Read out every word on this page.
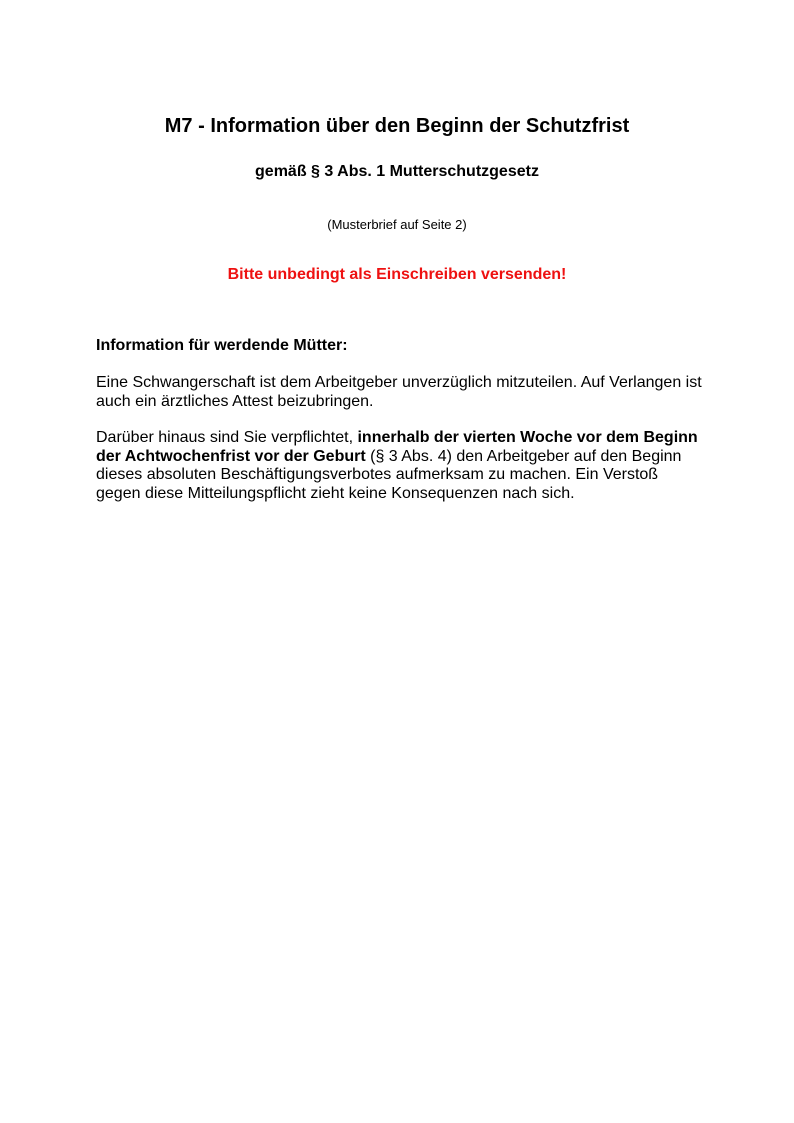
M7 - Information über den Beginn der Schutzfrist
gemäß § 3 Abs. 1 Mutterschutzgesetz

(Musterbrief auf Seite 2)

Bitte unbedingt als Einschreiben versenden!

Information für werdende Mütter:

Eine Schwangerschaft ist dem Arbeitgeber unverzüglich mitzuteilen. Auf Verlangen ist auch ein ärztliches Attest beizubringen.

Darüber hinaus sind Sie verpflichtet, innerhalb der vierten Woche vor dem Beginn der Achtwochenfrist vor der Geburt (§ 3 Abs. 4) den Arbeitgeber auf den Beginn dieses absoluten Beschäftigungsverbotes aufmerksam zu machen. Ein Verstoß gegen diese Mitteilungspflicht zieht keine Konsequenzen nach sich.
